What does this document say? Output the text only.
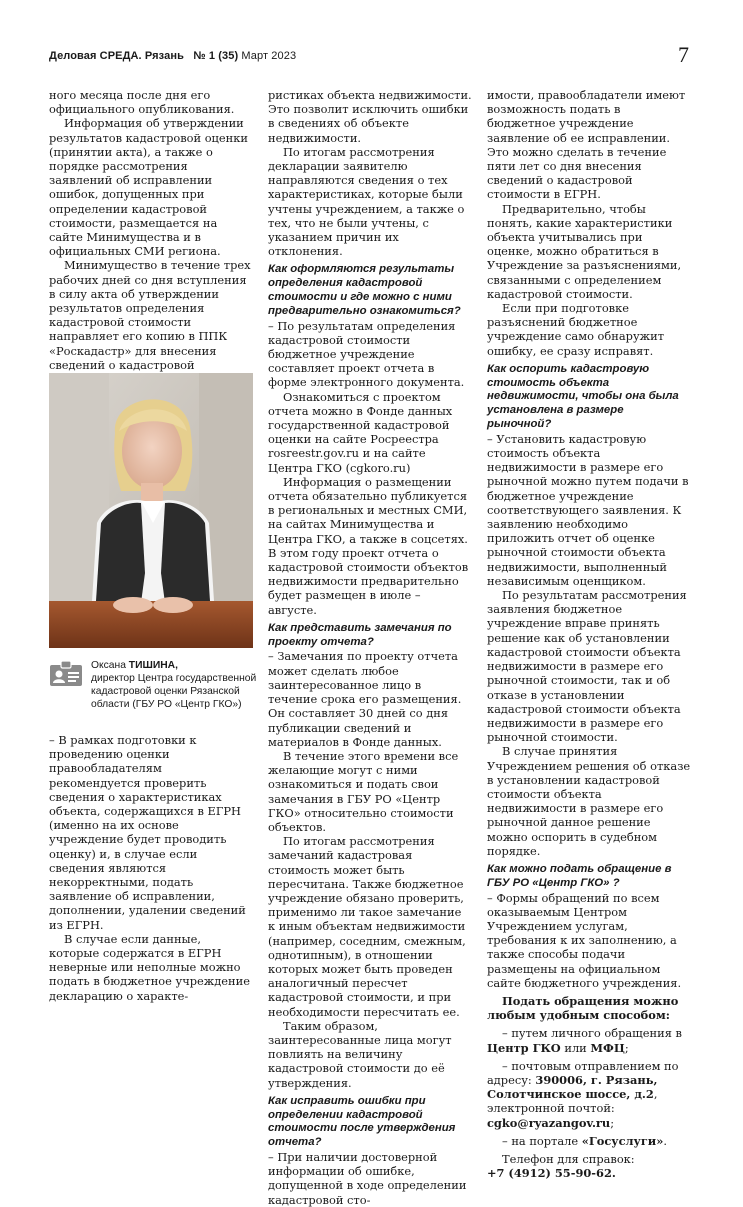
Деловая СРЕДА. Рязань № 1 (35) Март 2023	7

ного месяца после дня его официального опубликования.

Информация об утверждении результатов кадастровой оценки (принятии акта), а также о порядке рассмотрения заявлений об исправлении ошибок, допущенных при определении кадастровой стоимости, размещается на сайте Минимущества и в официальных СМИ региона.

Минимущество в течение трех рабочих дней со дня вступления в силу акта об утверждении результатов определения кадастровой стоимости направляет его копию в ППК «Роскадастр» для внесения сведений о кадастровой

Оксана ТИШИНА,
директор Центра государственной кадастровой оценки Рязанской области (ГБУ РО «Центр ГКО»)

– В рамках подготовки к проведению оценки правообладателям рекомендуется проверить сведения о характеристиках объекта, содержащихся в ЕГРН (именно на их основе учреждение будет проводить оценку) и, в случае если сведения являются некорректными, подать заявление об исправлении, дополнении, удалении сведений из ЕГРН.

В случае если данные, которые содержатся в ЕГРН неверные или неполные можно подать в бюджетное учреждение декларацию о характе-

ристиках объекта недвижимости. Это позволит исключить ошибки в сведениях об объекте недвижимости.

По итогам рассмотрения декларации заявителю направляются сведения о тех характеристиках, которые были учтены учреждением, а также о тех, что не были учтены, с указанием причин их отклонения.

Как оформляются результаты определения кадастровой стоимости и где можно с ними предварительно ознакомиться?

– По результатам определения кадастровой стоимости бюджетное учреждение составляет проект отчета в форме электронного документа.

Ознакомиться с проектом отчета можно в Фонде данных государственной кадастровой оценки на сайте Росреестра rosreestr.gov.ru и на сайте Центра ГКО (cgkoro.ru)

Информация о размещении отчета обязательно публикуется в региональных и местных СМИ, на сайтах Минимущества и Центра ГКО, а также в соцсетях. В этом году проект отчета о кадастровой стоимости объектов недвижимости предварительно будет размещен в июле – августе.

Как представить замечания по проекту отчета?

– Замечания по проекту отчета может сделать любое заинтересованное лицо в течение срока его размещения. Он составляет 30 дней со дня публикации сведений и материалов в Фонде данных.

В течение этого времени все желающие могут с ними ознакомиться и подать свои замечания в ГБУ РО «Центр ГКО» относительно стоимости объектов.

По итогам рассмотрения замечаний кадастровая стоимость может быть пересчитана. Также бюджетное учреждение обязано проверить, применимо ли такое замечание к иным объектам недвижимости (например, соседним, смежным, однотипным), в отношении которых может быть проведен аналогичный пересчет кадастровой стоимости, и при необходимости пересчитать ее.

Таким образом, заинтересованные лица могут повлиять на величину кадастровой стоимости до её утверждения.

Как исправить ошибки при определении кадастровой стоимости после утверждения отчета?

– При наличии достоверной информации об ошибке, допущенной в ходе определении кадастровой сто-

имости, правообладатели имеют возможность подать в бюджетное учреждение заявление об ее исправлении. Это можно сделать в течение пяти лет со дня внесения сведений о кадастровой стоимости в ЕГРН.

Предварительно, чтобы понять, какие характеристики объекта учитывались при оценке, можно обратиться в Учреждение за разъяснениями, связанными с определением кадастровой стоимости.

Если при подготовке разъяснений бюджетное учреждение само обнаружит ошибку, ее сразу исправят.

Как оспорить кадастровую стоимость объекта недвижимости, чтобы она была установлена в размере рыночной?

– Установить кадастровую стоимость объекта недвижимости в размере его рыночной можно путем подачи в бюджетное учреждение соответствующего заявления. К заявлению необходимо приложить отчет об оценке рыночной стоимости объекта недвижимости, выполненный независимым оценщиком.

По результатам рассмотрения заявления бюджетное учреждение вправе принять решение как об установлении кадастровой стоимости объекта недвижимости в размере его рыночной стоимости, так и об отказе в установлении кадастровой стоимости объекта недвижимости в размере его рыночной стоимости.

В случае принятия Учреждением решения об отказе в установлении кадастровой стоимости объекта недвижимости в размере его рыночной данное решение можно оспорить в судебном порядке.

Как можно подать обращение в ГБУ РО «Центр ГКО» ?

– Формы обращений по всем оказываемым Центром Учреждением услугам, требования к их заполнению, а также способы подачи размещены на официальном сайте бюджетного учреждения.

Подать обращения можно любым удобным способом:

– путем личного обращения в Центр ГКО или МФЦ;

– почтовым отправлением по адресу: 390006, г. Рязань, Солотчинское шоссе, д.2, электронной почтой: cgko@ryazangov.ru;

– на портале «Госуслуги».

Телефон для справок:

+7 (4912) 55-90-62.
